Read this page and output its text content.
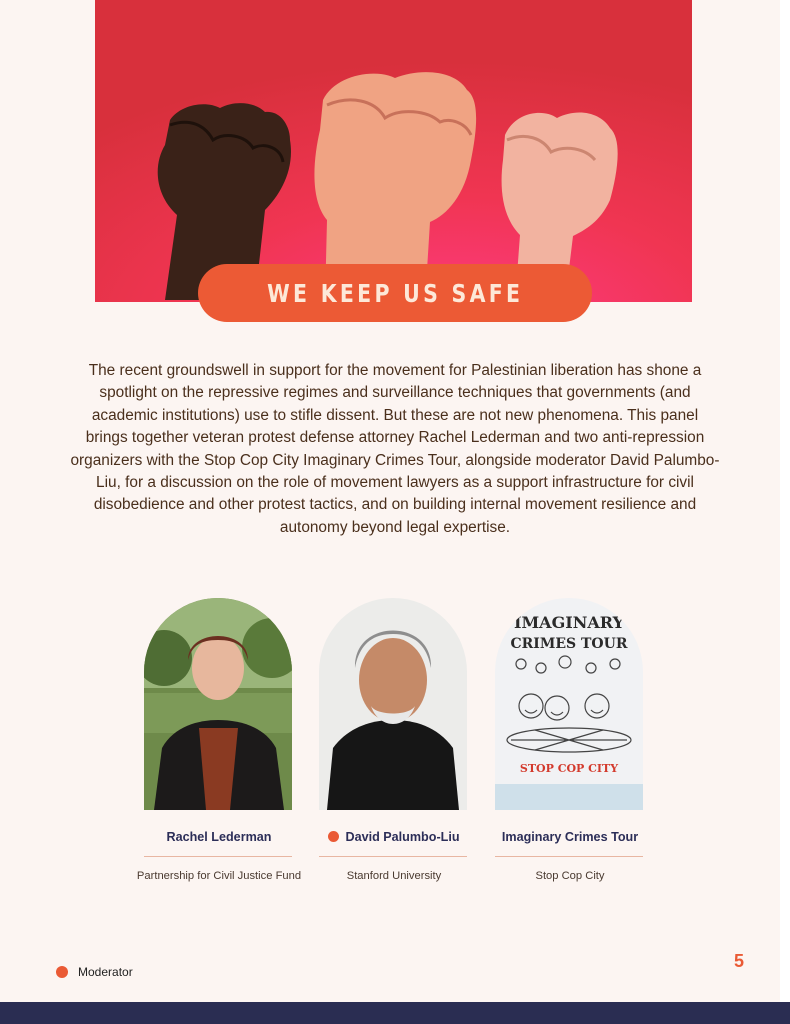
WE KEEP US SAFE

The recent groundswell in support for the movement for Palestinian liberation has shone a spotlight on the repressive regimes and surveillance techniques that governments (and academic institutions) use to stifle dissent. But these are not new phenomena. This panel brings together veteran protest defense attorney Rachel Lederman and two anti-repression organizers with the Stop Cop City Imaginary Crimes Tour, alongside moderator David Palumbo-Liu, for a discussion on the role of movement lawyers as a support infrastructure for civil disobedience and other protest tactics, and on building internal movement resilience and autonomy beyond legal expertise.

Rachel Lederman
Partnership for Civil Justice Fund
David Palumbo-Liu
Stanford University
IMAGINARY
CRIMES TOUR
STOP COP CITY
Imaginary Crimes Tour
Stop Cop City
Moderator
5
